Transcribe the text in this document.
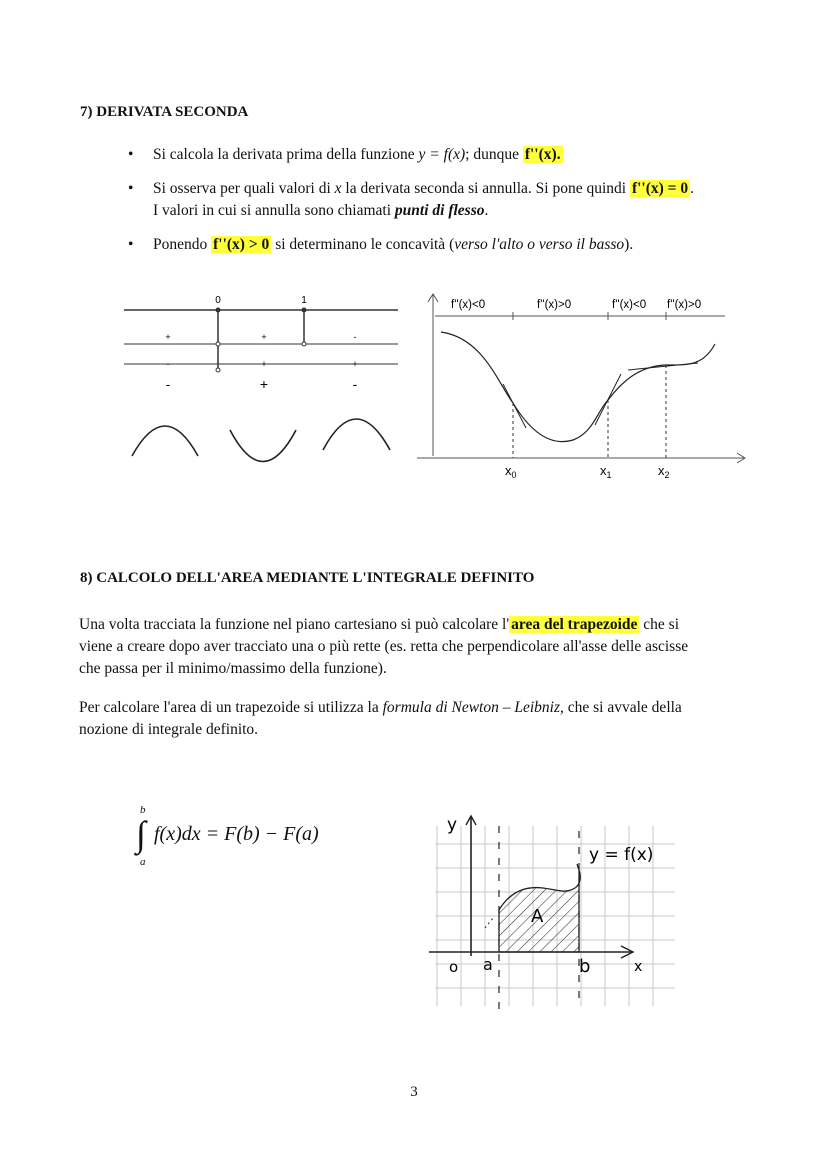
7) DERIVATA SECONDA
• Si calcola la derivata prima della funzione y = f(x); dunque f''(x).
• Si osserva per quali valori di x la derivata seconda si annulla. Si pone quindi f''(x) = 0 .
I valori in cui si annulla sono chiamati punti di flesso.
• Ponendo f''(x) > 0 si determinano le concavità (verso l'alto o verso il basso).
0	1
+	+	-
-	+	+
-	+	-
f''(x)<0	f''(x)>0	f''(x)<0 f''(x)>0
$x_0$	$x_1$	$x_2$
8) CALCOLO DELL'AREA MEDIANTE L'INTEGRALE DEFINITO
Una volta tracciata la funzione nel piano cartesiano si può calcolare l' area del trapezoide che si
viene a creare dopo aver tracciato una o più rette (es. retta che perpendicolare all'asse delle ascisse
che passa per il minimo/massimo della funzione).
Per calcolare l'area di un trapezoide si utilizza la formula di Newton – Leibniz, che si avvale della
nozione di integrale definito.
b
∫
a
f(x)dx = F(b) − F(a)	y
x
o a	b
A
y = f(x)
3
